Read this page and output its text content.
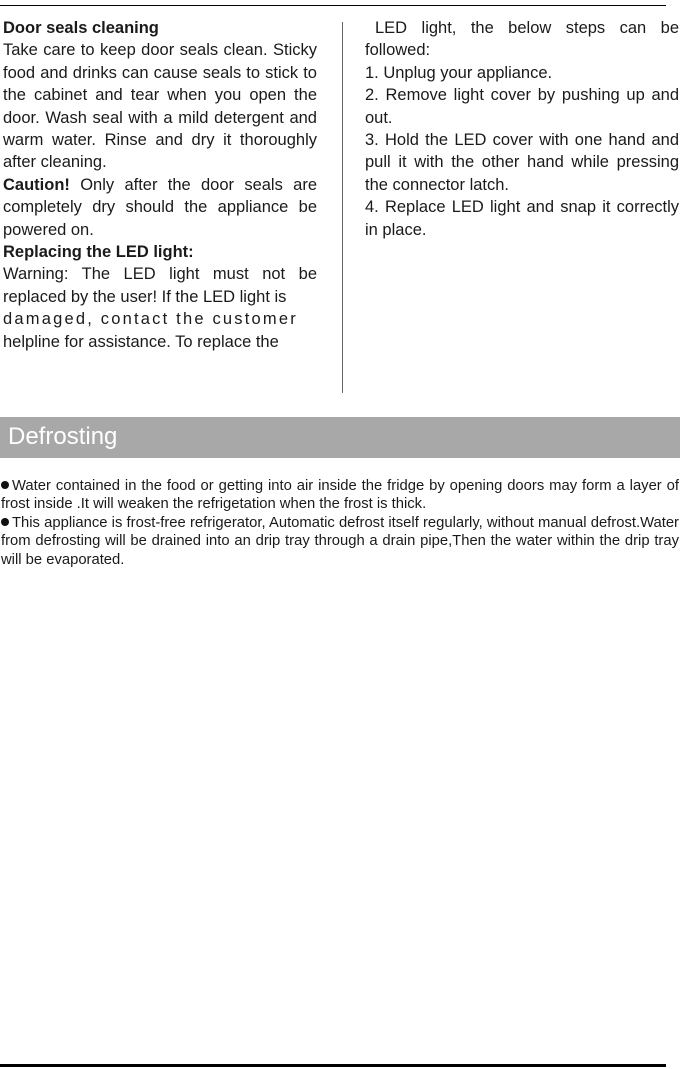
Door seals cleaning

Take care to keep door seals clean. Sticky food and drinks can cause seals to stick to the cabinet and tear when you open the door. Wash seal with a mild detergent and warm water. Rinse and dry it thoroughly after cleaning.

Caution! Only after the door seals are completely dry should the appliance be powered on.

Replacing the LED light:

Warning: The LED light must not be replaced by the user! If the LED light is

damaged, contact the customer

helpline for assistance. To replace the

LED light, the below steps can be followed:

1. Unplug your appliance.

2. Remove light cover by pushing up and out.

3. Hold the LED cover with one hand and pull it with the other hand while pressing the connector latch.

4. Replace LED light and snap it correctly in place.

Defrosting

Water contained in the food or getting into air inside the fridge by opening doors may form a layer of frost inside .It will weaken the refrigetation when the frost is thick.

This appliance is frost-free refrigerator, Automatic defrost itself regularly, without manual defrost.Water from defrosting will be drained into an drip tray through a drain pipe,Then the water within the drip tray will be evaporated.
